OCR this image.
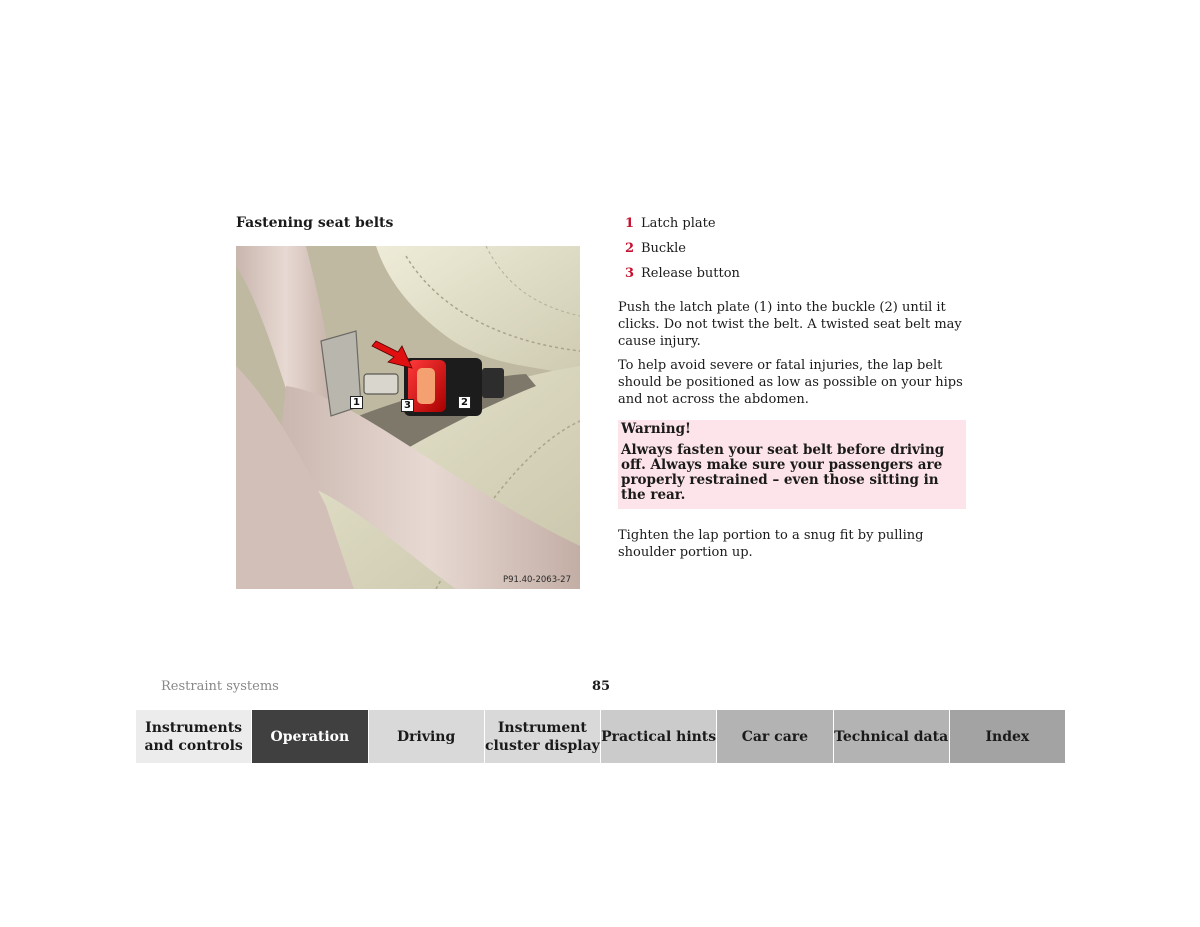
Fastening seat belts
1	3	2
P91.40-2063-27
1 Latch plate
2 Buckle
3 Release button

Push the latch plate (1) into the buckle (2) until it clicks. Do not twist the belt. A twisted seat belt may cause injury.

To help avoid severe or fatal injuries, the lap belt should be positioned as low as possible on your hips and not across the abdomen.

Warning!

Always fasten your seat belt before driving off. Always make sure your passengers are properly restrained – even those sitting in the rear.

Tighten the lap portion to a snug fit by pulling shoulder portion up.

Restraint systems	85
Instruments and controls
Operation	Driving
Instrument cluster display
Practical hints Car care Technical data	Index
